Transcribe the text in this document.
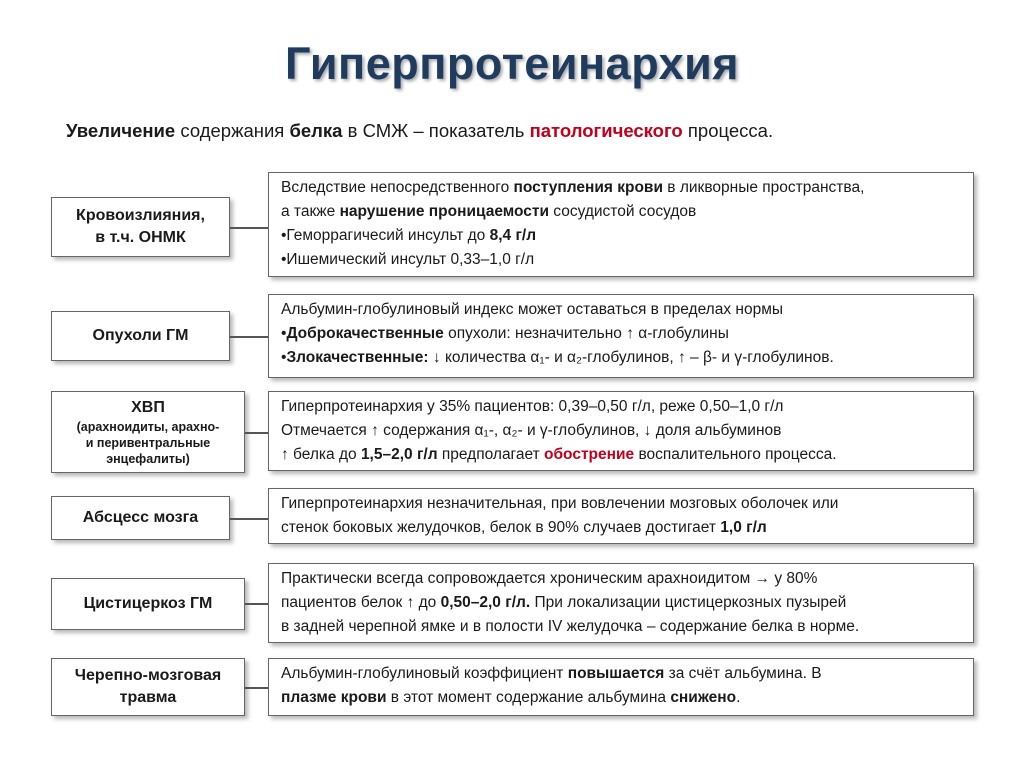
Гиперпротеинархия
Увеличение содержания белка в СМЖ – показатель патологического процесса.
Кровоизлияния,
в т.ч. ОНМК

Вследствие непосредственного поступления крови в ликворные пространства,

а также нарушение проницаемости сосудистой сосудов

•Геморрагичесий инсульт до 8,4 г/л

•Ишемический инсульт 0,33–1,0 г/л

Опухоли ГМ

Альбумин-глобулиновый индекс может оставаться в пределах нормы

•Доброкачественные опухоли: незначительно ↑ α-глобулины

•Злокачественные: ↓ количества α₁- и α₂-глобулинов, ↑ – β- и γ-глобулинов.

ХВП
(арахноидиты, арахно-
и перивентральные
энцефалиты)

Гиперпротеинархия у 35% пациентов: 0,39–0,50 г/л, реже 0,50–1,0 г/л

Отмечается ↑ содержания α₁-, α₂- и γ-глобулинов, ↓ доля альбуминов

↑ белка до 1,5–2,0 г/л предполагает обострение воспалительного процесса.

Абсцесс мозга

Гиперпротеинархия незначительная, при вовлечении мозговых оболочек или

стенок боковых желудочков, белок в 90% случаев достигает 1,0 г/л

Цистицеркоз ГМ

Практически всегда сопровождается хроническим арахноидитом → у 80%

пациентов белок ↑ до 0,50–2,0 г/л. При локализации цистицеркозных пузырей

в задней черепной ямке и в полости IV желудочка – содержание белка в норме.

Черепно-мозговая
травма

Альбумин-глобулиновый коэффициент повышается за счёт альбумина. В

плазме крови в этот момент содержание альбумина снижено.
